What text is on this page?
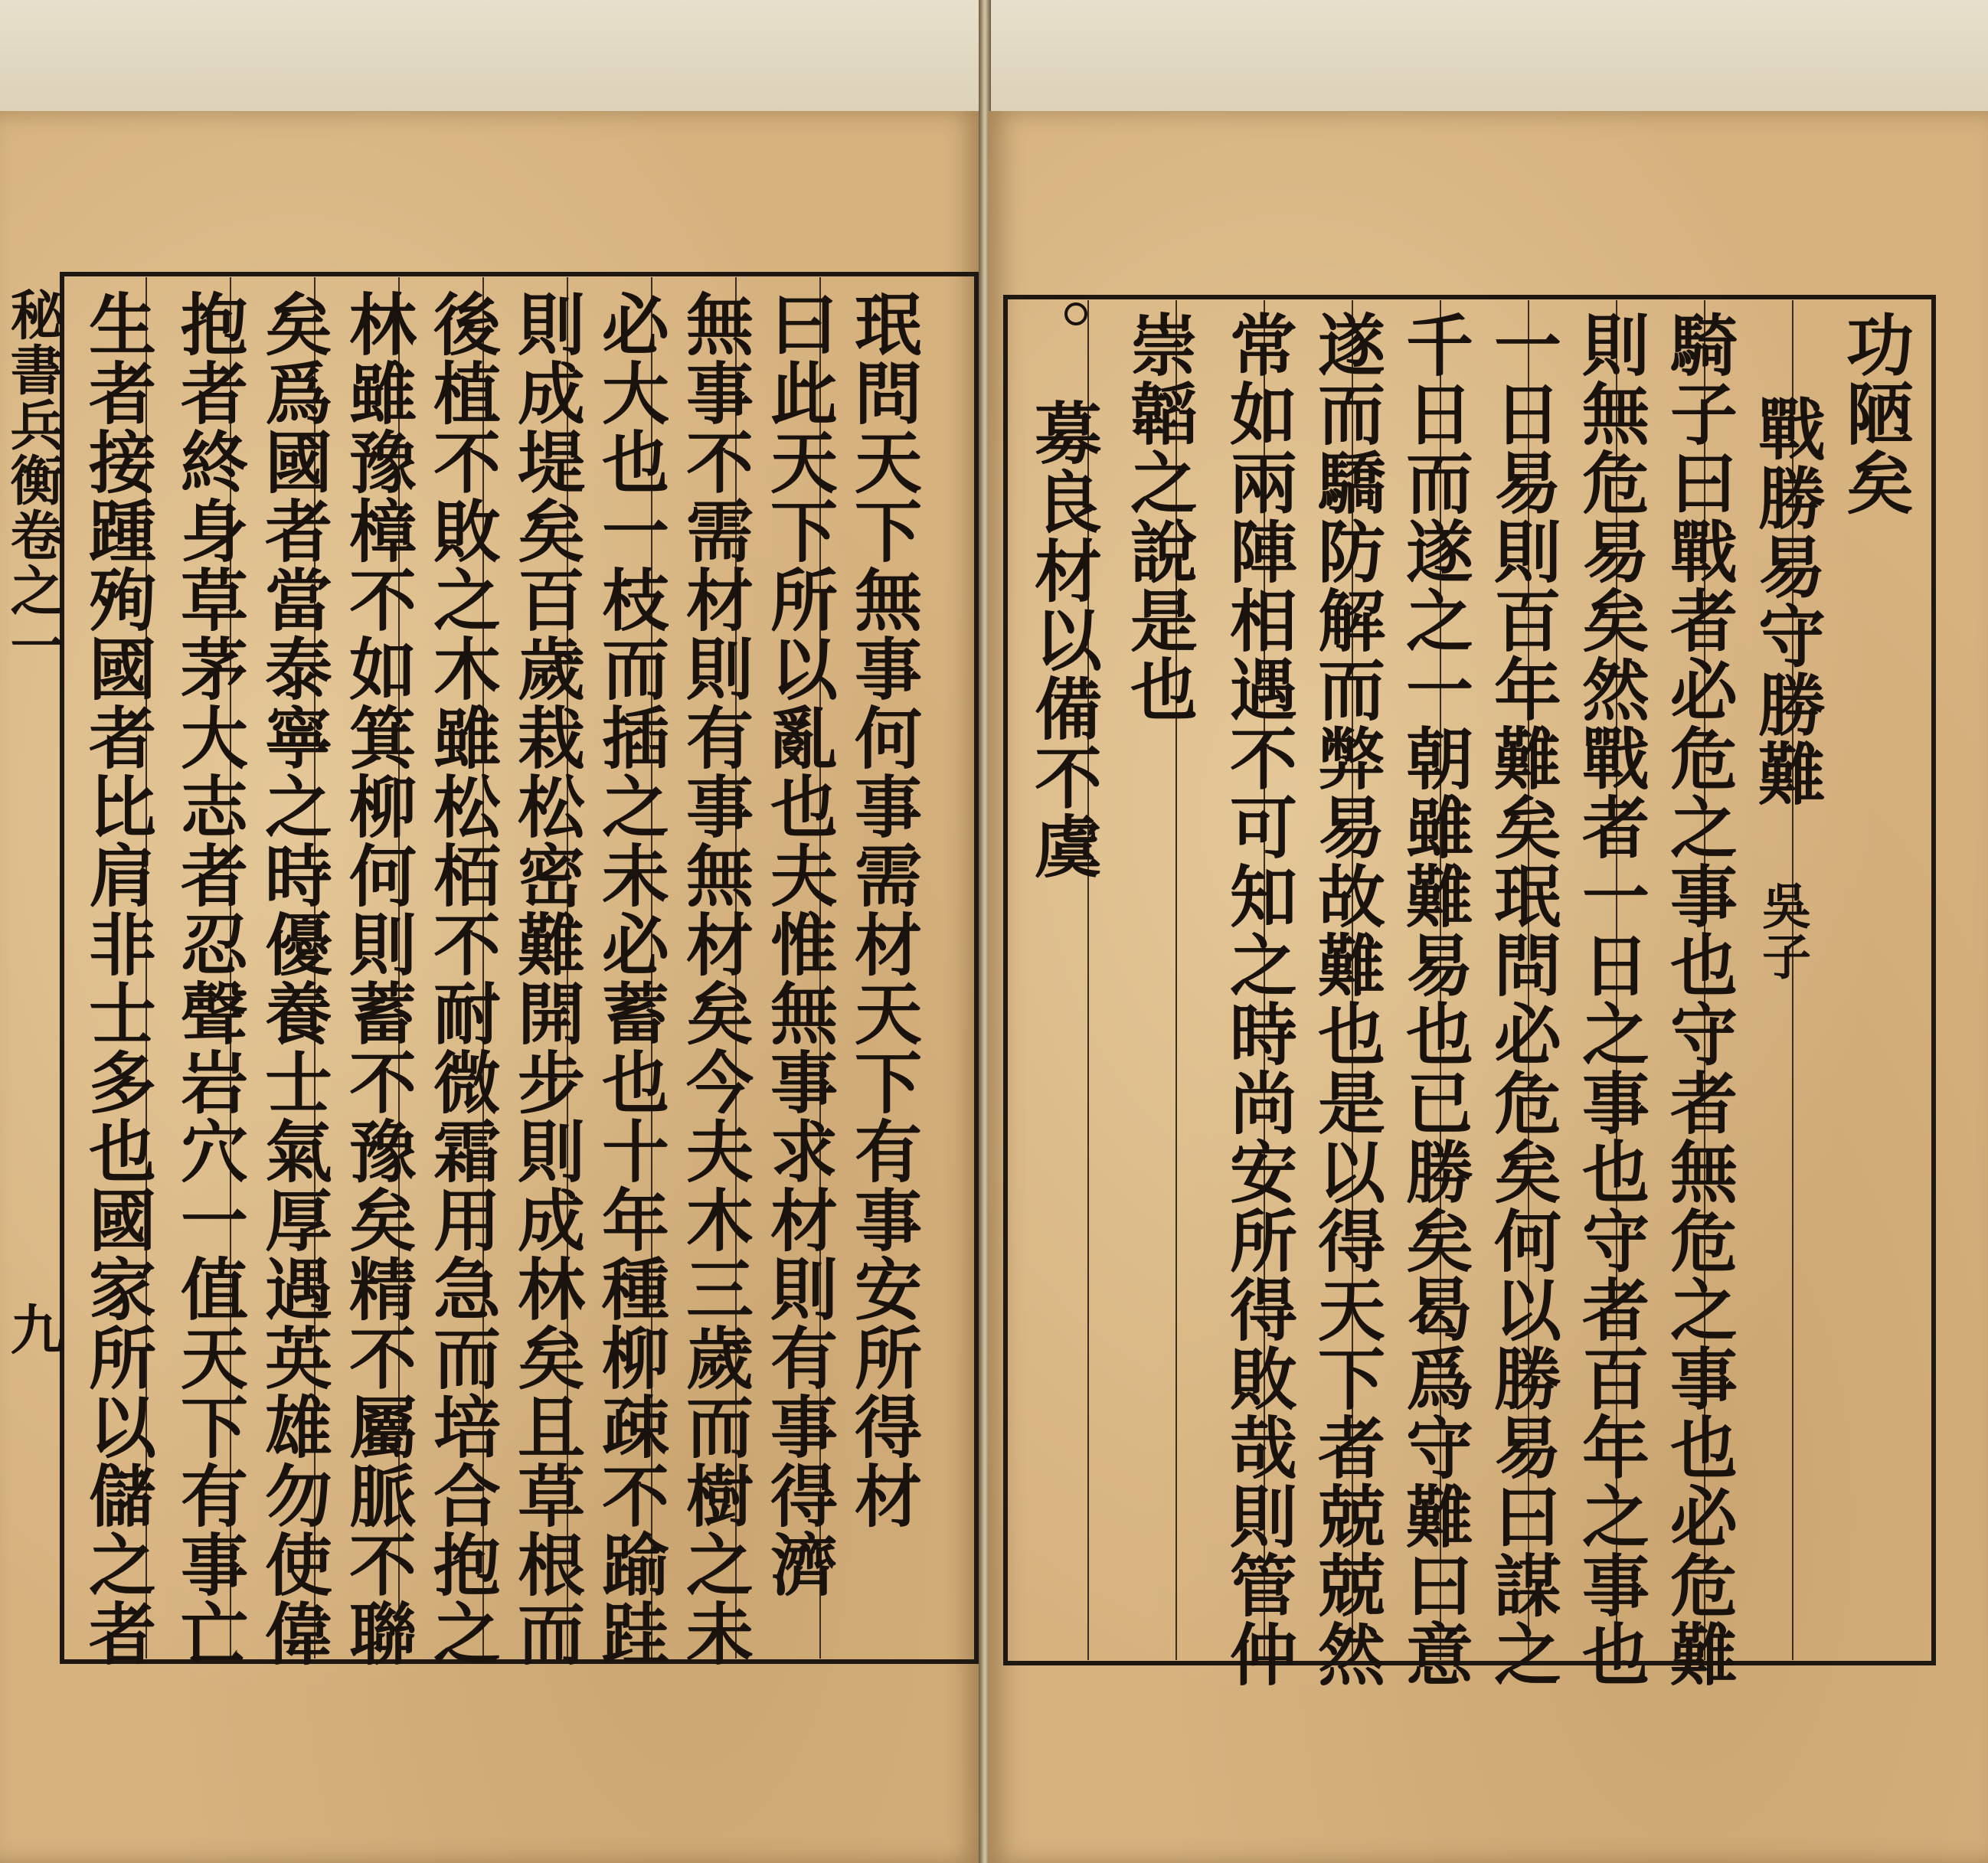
秘書兵衡卷之一
九	珉問天下無事何事需材天下有事安所得材
曰此天下所以亂也夫惟無事求材則有事得濟
無事不需材則有事無材矣今夫木三歲而樹之未
必大也一枝而插之未必蓄也十年種柳疎不踰跬
則成堤矣百歲栽松密難開步則成林矣且草根而
後植不敗之木雖松栢不耐微霜用急而培合抱之
林雖豫樟不如箕柳何則蓄不豫矣精不屬脈不聯
矣爲國者當泰寧之時優養士氣厚遇英雄勿使偉
抱者終身草茅大志者忍聲岩穴一值天下有事亡
生者接踵殉國者比肩非士多也國家所以儲之者	功陋矣
戰勝易守勝難
吳子
騎子曰戰者必危之事也守者無危之事也必危難
則無危易矣然戰者一日之事也守者百年之事也
一日易則百年難矣珉問必危矣何以勝易曰謀之
千日而遂之一朝雖難易也已勝矣曷爲守難曰意
遂而驕防解而弊易故難也是以得天下者兢兢然
常如兩陣相遇不可知之時尚安所得敗哉則管仲
崇韜之說是也
募良材以備不虞
